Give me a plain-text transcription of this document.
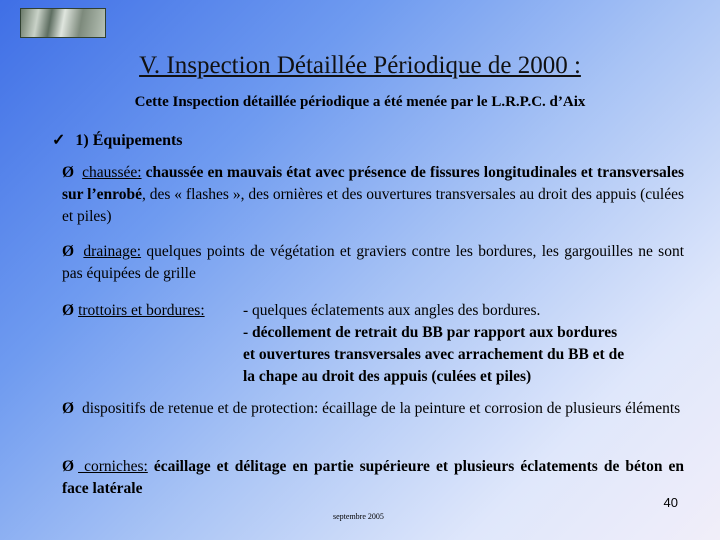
V. Inspection Détaillée Périodique de 2000 :
Cette Inspection détaillée périodique a été menée par le L.R.P.C. d’Aix
✓ 1) Équipements
Ø chaussée: chaussée en mauvais état avec présence de fissures longitudinales et transversales sur l’enrobé, des « flashes », des ornières et des ouvertures transversales au droit des appuis (culées et piles)
Ø drainage: quelques points de végétation et graviers contre les bordures, les gargouilles ne sont pas équipées de grille
Ø trottoirs et bordures:	- quelques éclatements aux angles des bordures.
- décollement de retrait du BB par rapport aux bordures
et ouvertures transversales avec arrachement du BB et de
la chape au droit des appuis (culées et piles)
Ø dispositifs de retenue et de protection: écaillage de la peinture et corrosion de plusieurs éléments
Ø corniches: écaillage et délitage en partie supérieure et plusieurs éclatements de béton en face latérale
40
septembre 2005
